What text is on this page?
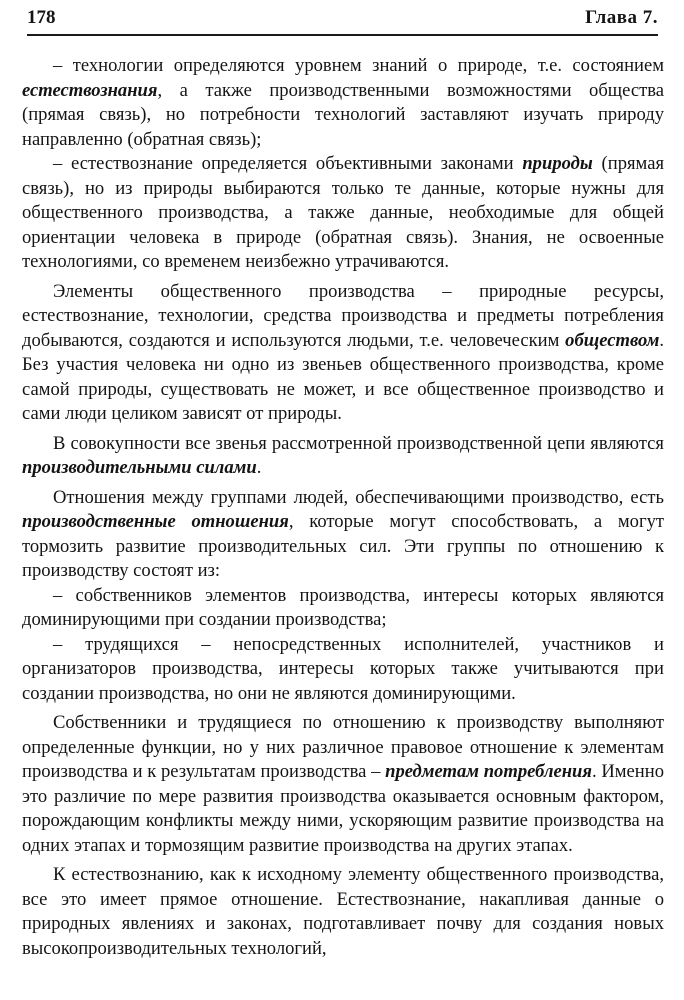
178	Глава 7.

– технологии определяются уровнем знаний о природе, т.е. состоянием естествознания, а также производственными возможностями общества (прямая связь), но потребности технологий заставляют изучать природу направленно (обратная связь);

– естествознание определяется объективными законами природы (прямая связь), но из природы выбираются только те данные, которые нужны для общественного производства, а также данные, необходимые для общей ориентации человека в природе (обратная связь). Знания, не освоенные технологиями, со временем неизбежно утрачиваются.

Элементы общественного производства – природные ресурсы, естествознание, технологии, средства производства и предметы потребления добываются, создаются и используются людьми, т.е. человеческим обществом. Без участия человека ни одно из звеньев общественного производства, кроме самой природы, существовать не может, и все общественное производство и сами люди целиком зависят от природы.

В совокупности все звенья рассмотренной производственной цепи являются производительными силами.

Отношения между группами людей, обеспечивающими производство, есть производственные отношения, которые могут способствовать, а могут тормозить развитие производительных сил. Эти группы по отношению к производству состоят из:

– собственников элементов производства, интересы которых являются доминирующими при создании производства;

– трудящихся – непосредственных исполнителей, участников и организаторов производства, интересы которых также учитываются при создании производства, но они не являются доминирующими.

Собственники и трудящиеся по отношению к производству выполняют определенные функции, но у них различное правовое отношение к элементам производства и к результатам производства – предметам потребления. Именно это различие по мере развития производства оказывается основным фактором, порождающим конфликты между ними, ускоряющим развитие производства на одних этапах и тормозящим развитие производства на других этапах.

К естествознанию, как к исходному элементу общественного производства, все это имеет прямое отношение. Естествознание, накапливая данные о природных явлениях и законах, подготавливает почву для создания новых высокопроизводительных технологий,
